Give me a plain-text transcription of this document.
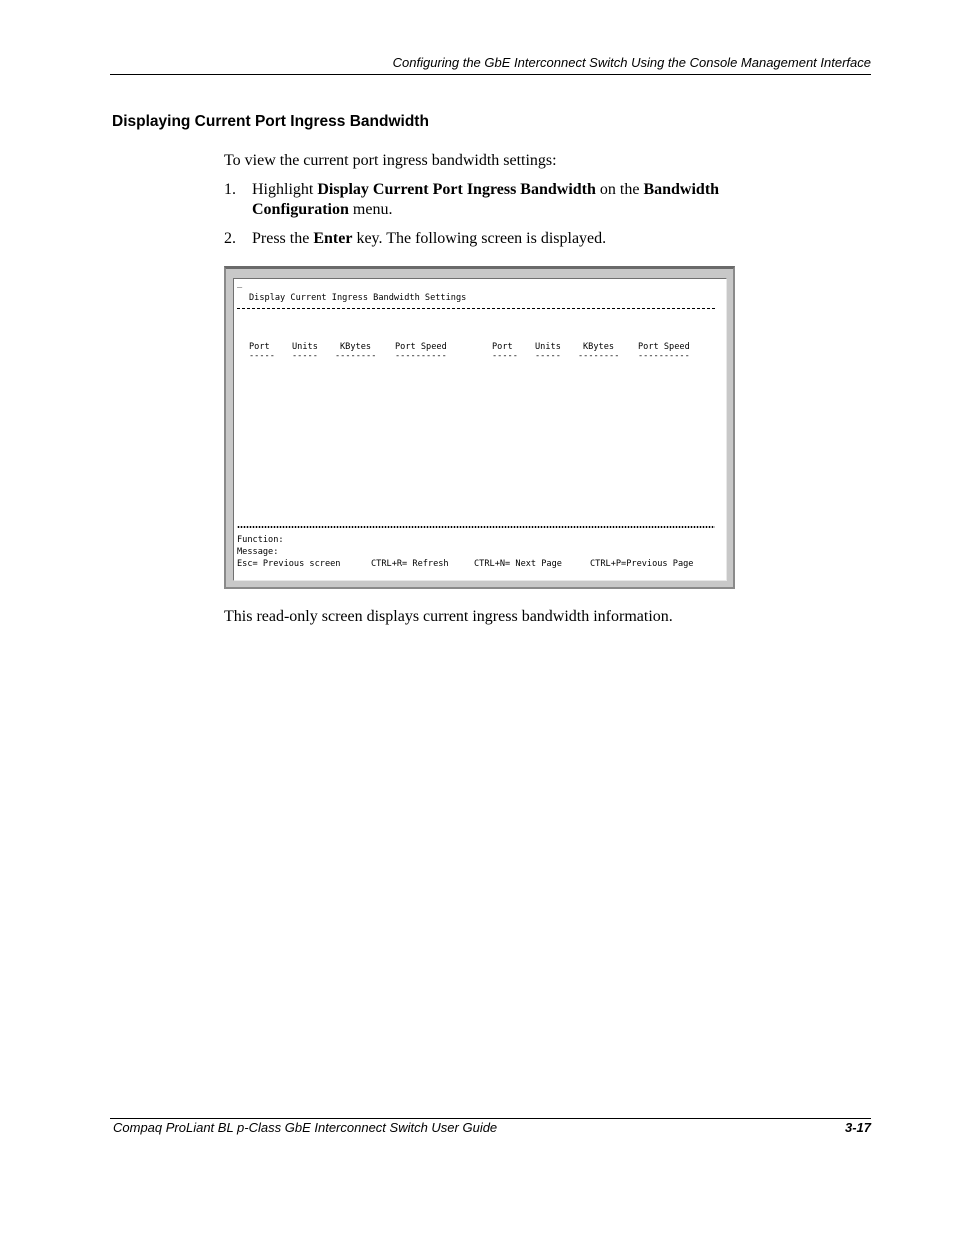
Configuring the GbE Interconnect Switch Using the Console Management Interface
Displaying Current Port Ingress Bandwidth
To view the current port ingress bandwidth settings:
1. Highlight Display Current Port Ingress Bandwidth on the Bandwidth Configuration menu.
2. Press the Enter key. The following screen is displayed.
_
Display Current Ingress Bandwidth Settings
Port	Units	KBytes	Port Speed	Port	Units	KBytes	Port Speed
----- ----- -------- ----------	----- ----- -------- ----------
Function:
Message:
Esc= Previous screen	CTRL+R= Refresh	CTRL+N= Next Page	CTRL+P=Previous Page
This read-only screen displays current ingress bandwidth information.
Compaq ProLiant BL p-Class GbE Interconnect Switch User Guide	3-17
